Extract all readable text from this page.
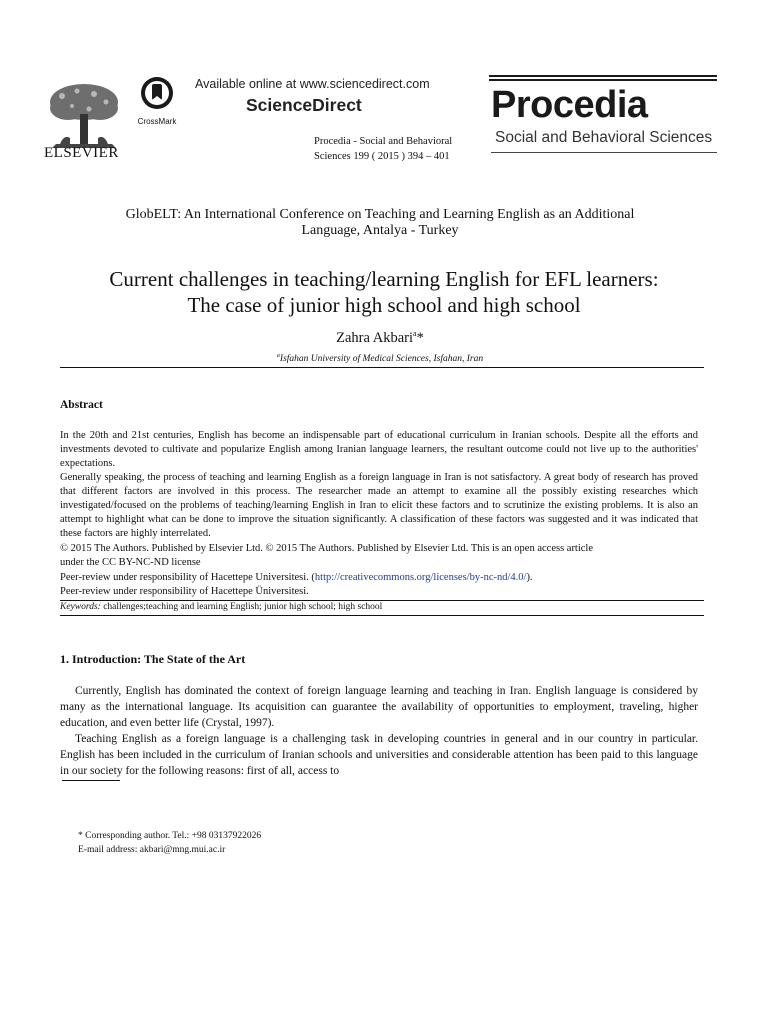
ELSEVIER
CrossMark
Available online at www.sciencedirect.com
ScienceDirect
Procedia - Social and Behavioral
Sciences 199 ( 2015 ) 394 – 401
Procedia
Social and Behavioral Sciences
GlobELT: An International Conference on Teaching and Learning English as an Additional
Language, Antalya - Turkey
Current challenges in teaching/learning English for EFL learners:
The case of junior high school and high school
Zahra Akbari$^a$*
$^a$Isfahan University of Medical Sciences, Isfahan, Iran
Abstract
In the 20th and 21st centuries, English has become an indispensable part of educational curriculum in Iranian schools. Despite all the efforts and investments devoted to cultivate and popularize English among Iranian language learners, the resultant outcome could not live up to the authorities' expectations.
Generally speaking, the process of teaching and learning English as a foreign language in Iran is not satisfactory. A great body of research has proved that different factors are involved in this process. The researcher made an attempt to examine all the possibly existing researches which investigated/focused on the problems of teaching/learning English in Iran to elicit these factors and to scrutinize the existing problems. It is also an attempt to highlight what can be done to improve the situation significantly. A classification of these factors was suggested and it was indicated that these factors are highly interrelated.
© 2015 The Authors. Published by Elsevier Ltd. © 2015 The Authors. Published by Elsevier Ltd. This is an open access article
under the CC BY-NC-ND license
Peer-review under responsibility of Hacettepe Universitesi. (http://creativecommons.org/licenses/by-nc-nd/4.0/).
Peer-review under responsibility of Hacettepe Üniversitesi.
Keywords: challenges;teaching and learning English; junior high school; high school
1. Introduction: The State of the Art
Currently, English has dominated the context of foreign language learning and teaching in Iran. English language is considered by many as the international language. Its acquisition can guarantee the availability of opportunities to employment, traveling, higher education, and even better life (Crystal, 1997).
Teaching English as a foreign language is a challenging task in developing countries in general and in our country in particular. English has been included in the curriculum of Iranian schools and universities and considerable attention has been paid to this language in our society for the following reasons: first of all, access to
* Corresponding author. Tel.: +98 03137922026
E-mail address: akbari@mng.mui.ac.ir
